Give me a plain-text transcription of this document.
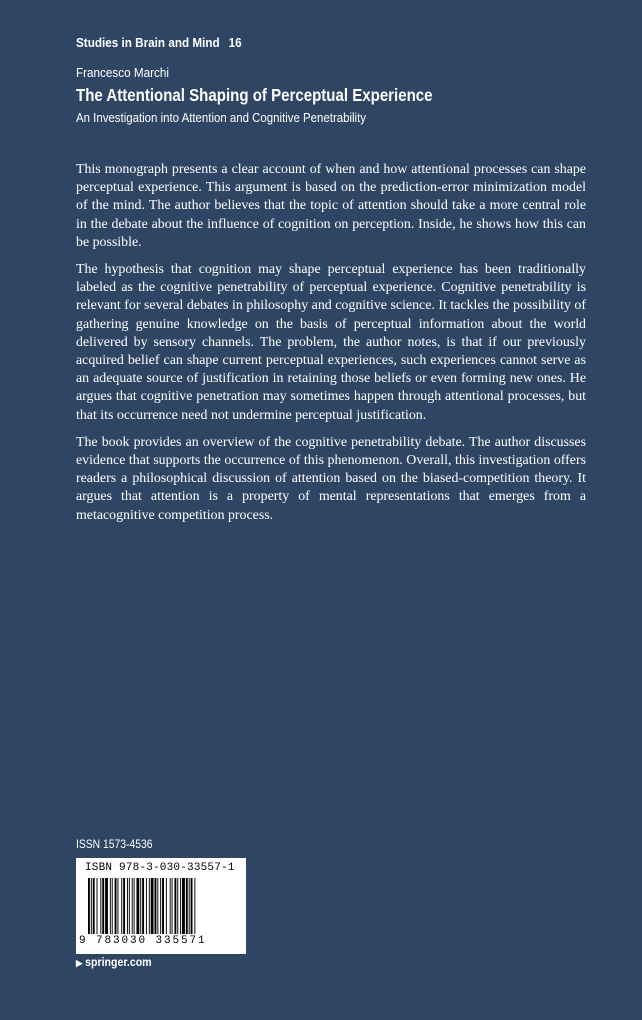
Studies in Brain and Mind 16
Francesco Marchi
The Attentional Shaping of Perceptual Experience
An Investigation into Attention and Cognitive Penetrability

This monograph presents a clear account of when and how attentional processes can shape perceptual experience. This argument is based on the prediction-error minimization model of the mind. The author believes that the topic of attention should take a more central role in the debate about the influence of cognition on perception. Inside, he shows how this can be possible.

The hypothesis that cognition may shape perceptual experience has been traditionally labeled as the cognitive penetrability of perceptual experience. Cognitive penetrability is relevant for several debates in philosophy and cognitive science. It tackles the possibility of gathering genuine knowledge on the basis of perceptual information about the world delivered by sensory channels. The problem, the author notes, is that if our previously acquired belief can shape current perceptual experiences, such experiences cannot serve as an adequate source of justification in retaining those beliefs or even forming new ones. He argues that cognitive penetration may sometimes happen through attentional processes, but that its occurrence need not undermine perceptual justification.

The book provides an overview of the cognitive penetrability debate. The author discusses evidence that supports the occurrence of this phenomenon. Overall, this investigation offers readers a philosophical discussion of attention based on the biased-competition theory. It argues that attention is a property of mental representations that emerges from a metacognitive competition process.

ISSN 1573-4536
ISBN 978-3-030-33557-1
9 783030 335571
▶ springer.com
